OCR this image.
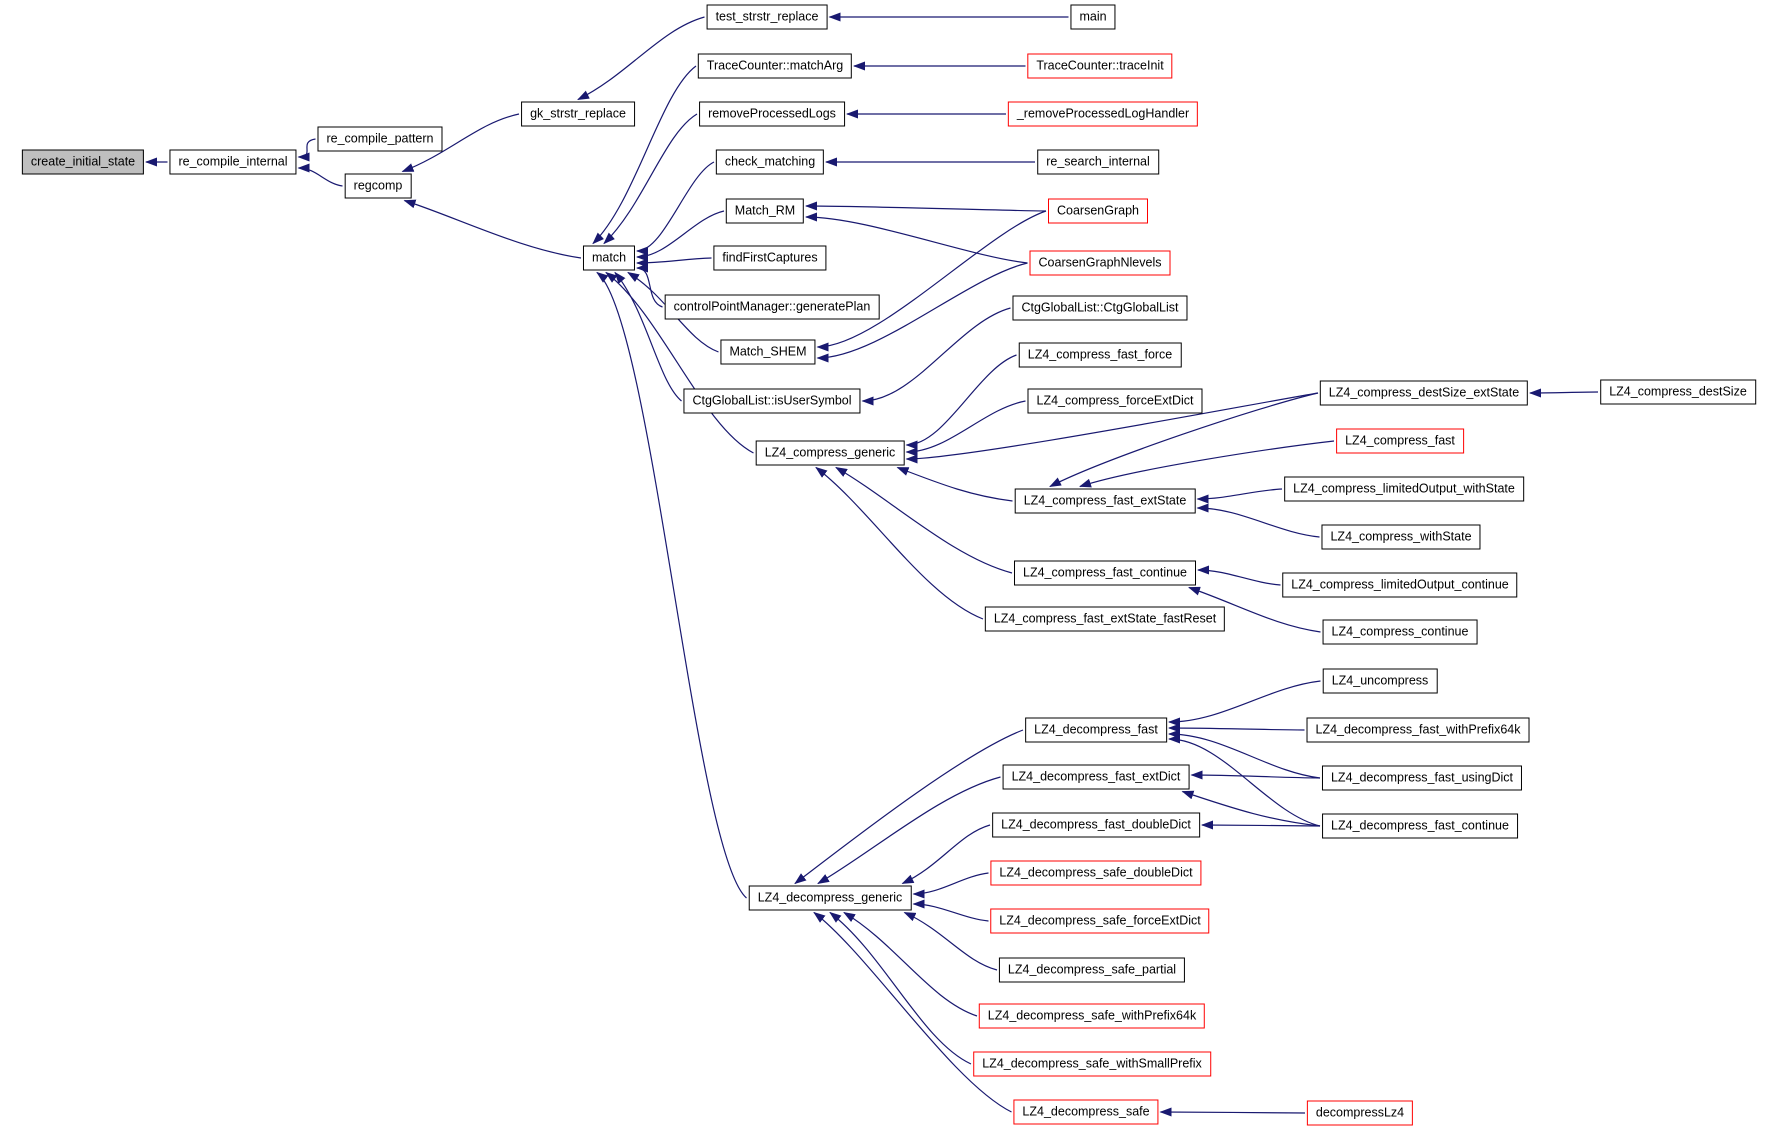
create_initial_state	re_compile_internal
re_compile_pattern
regcomp
gk_strstr_replace
test_strstr_replace	main
match
TraceCounter::matchArg	TraceCounter::traceInit
removeProcessedLogs	_removeProcessedLogHandler
check_matching	re_search_internal
Match_RM	CoarsenGraph
CoarsenGraphNlevels
findFirstCaptures
controlPointManager::generatePlan
Match_SHEM
CtgGlobalList::CtgGlobalList
CtgGlobalList::isUserSymbol
LZ4_compress_generic
LZ4_compress_fast_force
LZ4_compress_forceExtDict
LZ4_compress_destSize_extState	LZ4_compress_destSize
LZ4_compress_fast
LZ4_compress_fast_extState
LZ4_compress_limitedOutput_withState
LZ4_compress_withState
LZ4_compress_fast_continue
LZ4_compress_limitedOutput_continue
LZ4_compress_continue
LZ4_compress_fast_extState_fastReset
LZ4_uncompress
LZ4_decompress_fast	LZ4_decompress_fast_withPrefix64k
LZ4_decompress_fast_extDict	LZ4_decompress_fast_usingDict
LZ4_decompress_fast_doubleDict	LZ4_decompress_fast_continue
LZ4_decompress_generic
LZ4_decompress_safe_doubleDict
LZ4_decompress_safe_forceExtDict
LZ4_decompress_safe_partial
LZ4_decompress_safe_withPrefix64k
LZ4_decompress_safe_withSmallPrefix
LZ4_decompress_safe	decompressLz4
